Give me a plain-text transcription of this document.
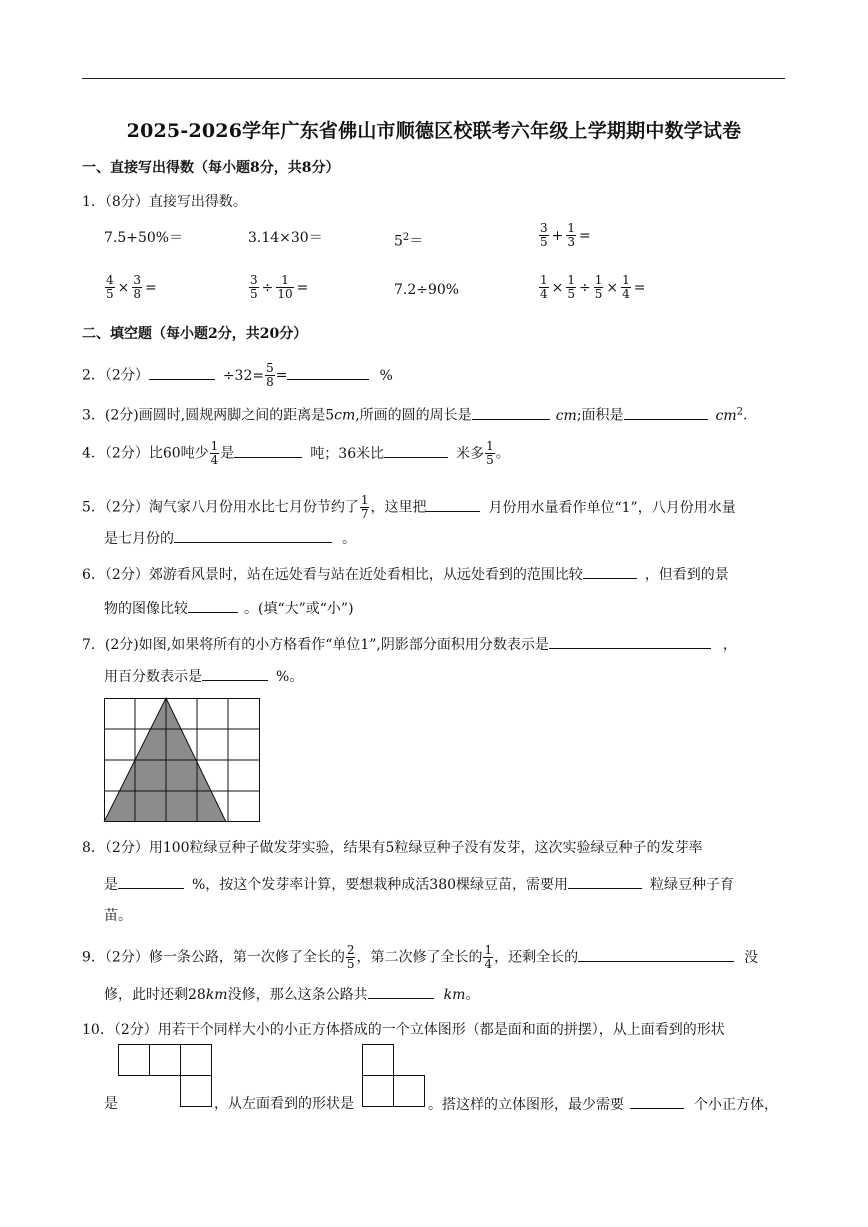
2025-2026学年广东省佛山市顺德区校联考六年级上学期期中数学试卷
一、直接写出得数（每小题8分，共8分）
1．（8分）直接写出得数。
7.5+50%＝	3.14×30＝	$5^2=$	$\frac{3}{5} + \frac{1}{3}$ =
$\frac{4}{5} \times \frac{3}{8}$ =	$\frac{3}{5} \div \frac{1}{10}$ =	7.2÷90%	$\frac{1}{4} \times \frac{1}{5} \div \frac{1}{5} \times \frac{1}{4}$ =
二、填空题（每小题2分，共20分）
2．（2分）	$\div 32= \frac{5}{8}$ =	%
3．(2分)画圆时,圆规两脚之间的距离是5cm,所画的圆的周长是	cm;面积是	$cm^2$.
4．（2分）比60吨少 $\frac{1}{4}$ 是	吨；36米比	米多 $\frac{1}{5}$ 。
5．（2分）淘气家八月份用水比七月份节约了 $\frac{1}{7}$ ，这里把	月份用水量看作单位“1”，八月份用水量
是七月份的	。
6．（2分）郊游看风景时，站在远处看与站在近处看相比，从远处看到的范围比较	，但看到的景
物的图像比较	。(填“大”或“小”)
7．(2分)如图,如果将所有的小方格看作“单位1”,阴影部分面积用分数表示是	，
用百分数表示是	%。
8．（2分）用100粒绿豆种子做发芽实验，结果有5粒绿豆种子没有发芽，这次实验绿豆种子的发芽率
是	%，按这个发芽率计算，要想栽种成活380棵绿豆苗，需要用	粒绿豆种子育
苗。
9．（2分）修一条公路，第一次修了全长的 $\frac{2}{5}$ ，第二次修了全长的 $\frac{1}{4}$ ，还剩全长的	没
修，此时还剩28km没修，那么这条公路共	km。
10．（2分）用若干个同样大小的小正方体搭成的一个立体图形（都是面和面的拼摆），从上面看到的形状
是	，从左面看到的形状是	。搭这样的立体图形，最少需要	个小正方体，
